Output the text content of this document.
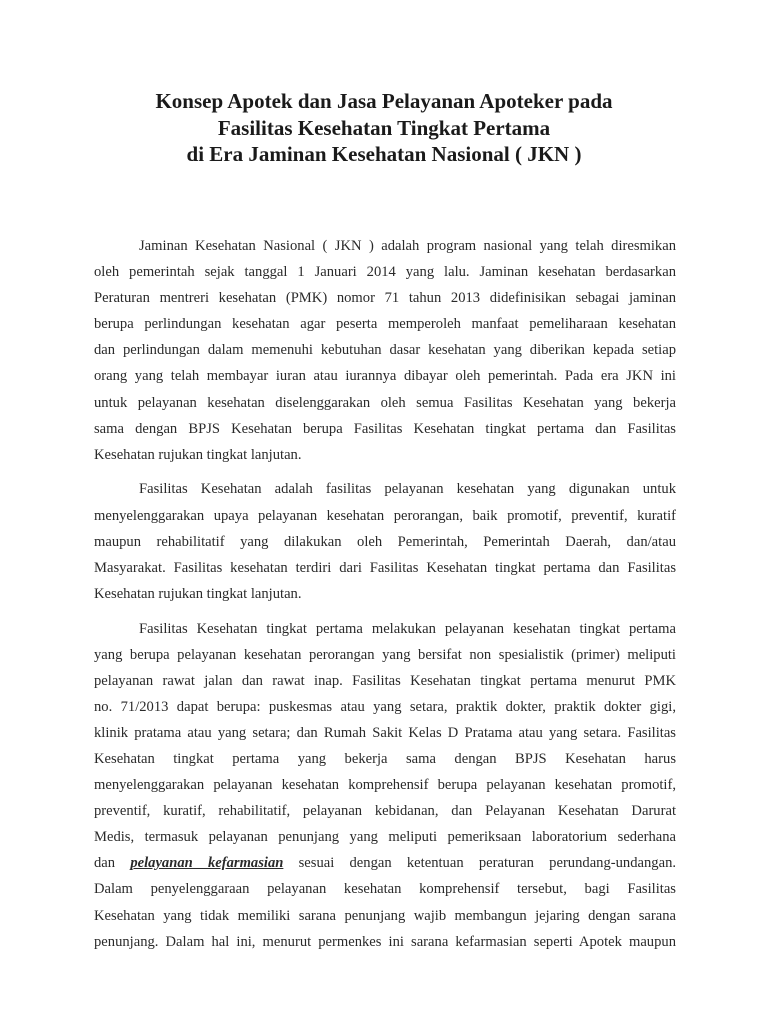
Konsep Apotek dan Jasa Pelayanan Apoteker pada
Fasilitas Kesehatan Tingkat Pertama
di Era Jaminan Kesehatan Nasional ( JKN )

Jaminan Kesehatan Nasional ( JKN ) adalah program nasional yang telah diresmikan
oleh pemerintah sejak tanggal 1 Januari 2014 yang lalu. Jaminan kesehatan berdasarkan
Peraturan mentreri kesehatan (PMK) nomor 71 tahun 2013 didefinisikan sebagai jaminan
berupa perlindungan kesehatan agar peserta memperoleh manfaat pemeliharaan kesehatan
dan perlindungan dalam memenuhi kebutuhan dasar kesehatan yang diberikan kepada setiap
orang yang telah membayar iuran atau iurannya dibayar oleh pemerintah. Pada era JKN ini
untuk pelayanan kesehatan diselenggarakan oleh semua Fasilitas Kesehatan yang bekerja
sama dengan BPJS Kesehatan berupa Fasilitas Kesehatan tingkat pertama dan Fasilitas
Kesehatan rujukan tingkat lanjutan.

Fasilitas Kesehatan adalah fasilitas pelayanan kesehatan yang digunakan untuk
menyelenggarakan upaya pelayanan kesehatan perorangan, baik promotif, preventif, kuratif
maupun rehabilitatif yang dilakukan oleh Pemerintah, Pemerintah Daerah, dan/atau
Masyarakat. Fasilitas kesehatan terdiri dari Fasilitas Kesehatan tingkat pertama dan Fasilitas
Kesehatan rujukan tingkat lanjutan.

Fasilitas Kesehatan tingkat pertama melakukan pelayanan kesehatan tingkat pertama
yang berupa pelayanan kesehatan perorangan yang bersifat non spesialistik (primer) meliputi
pelayanan rawat jalan dan rawat inap. Fasilitas Kesehatan tingkat pertama menurut PMK
no. 71/2013 dapat berupa: puskesmas atau yang setara, praktik dokter, praktik dokter gigi,
klinik pratama atau yang setara; dan Rumah Sakit Kelas D Pratama atau yang setara. Fasilitas
Kesehatan tingkat pertama yang bekerja sama dengan BPJS Kesehatan harus
menyelenggarakan pelayanan kesehatan komprehensif berupa pelayanan kesehatan promotif,
preventif, kuratif, rehabilitatif, pelayanan kebidanan, dan Pelayanan Kesehatan Darurat
Medis, termasuk pelayanan penunjang yang meliputi pemeriksaan laboratorium sederhana
dan pelayanan kefarmasian sesuai dengan ketentuan peraturan perundang-undangan.
Dalam penyelenggaraan pelayanan kesehatan komprehensif tersebut, bagi Fasilitas
Kesehatan yang tidak memiliki sarana penunjang wajib membangun jejaring dengan sarana
penunjang. Dalam hal ini, menurut permenkes ini sarana kefarmasian seperti Apotek maupun
